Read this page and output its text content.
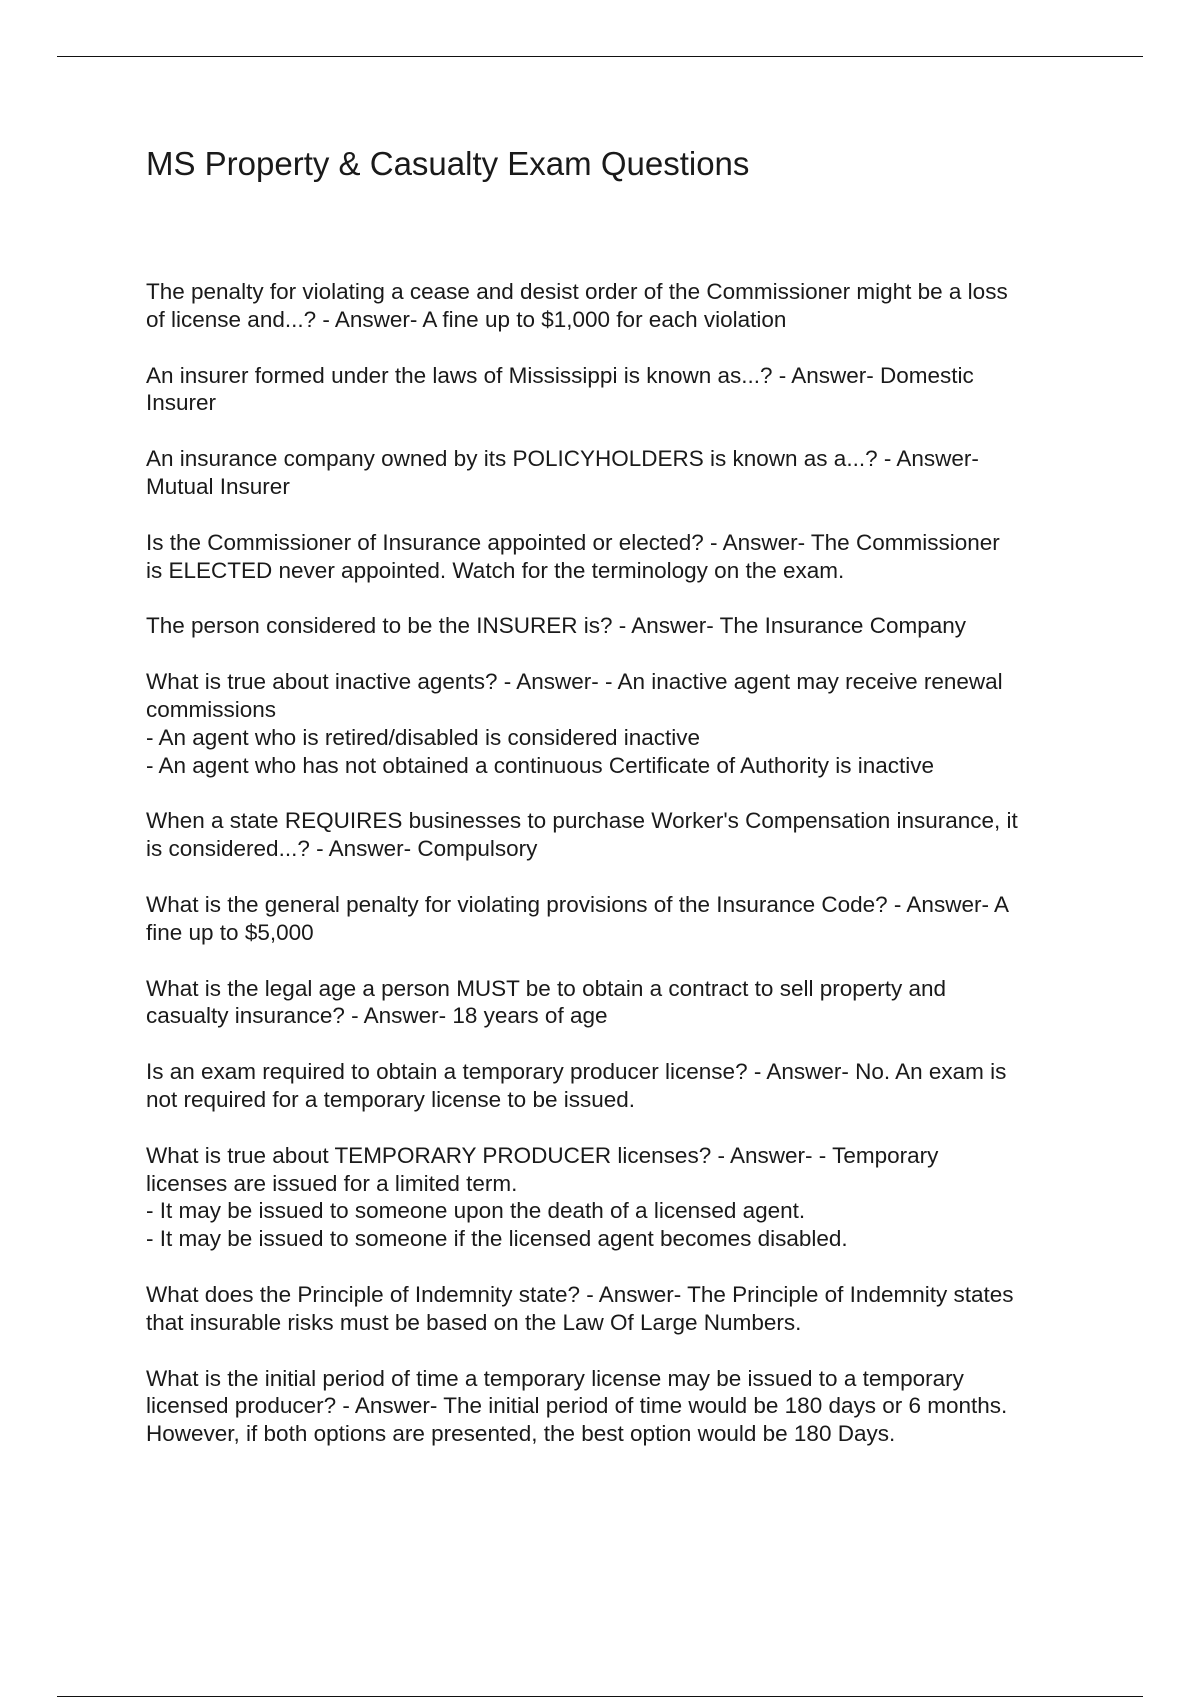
MS Property & Casualty Exam Questions

The penalty for violating a cease and desist order of the Commissioner might be a loss
of license and...? - Answer- A fine up to $1,000 for each violation

An insurer formed under the laws of Mississippi is known as...? - Answer- Domestic
Insurer

An insurance company owned by its POLICYHOLDERS is known as a...? - Answer-
Mutual Insurer

Is the Commissioner of Insurance appointed or elected? - Answer- The Commissioner
is ELECTED never appointed. Watch for the terminology on the exam.

The person considered to be the INSURER is? - Answer- The Insurance Company

What is true about inactive agents? - Answer- - An inactive agent may receive renewal
commissions
- An agent who is retired/disabled is considered inactive
- An agent who has not obtained a continuous Certificate of Authority is inactive

When a state REQUIRES businesses to purchase Worker's Compensation insurance, it
is considered...? - Answer- Compulsory

What is the general penalty for violating provisions of the Insurance Code? - Answer- A
fine up to $5,000

What is the legal age a person MUST be to obtain a contract to sell property and
casualty insurance? - Answer- 18 years of age

Is an exam required to obtain a temporary producer license? - Answer- No. An exam is
not required for a temporary license to be issued.

What is true about TEMPORARY PRODUCER licenses? - Answer- - Temporary
licenses are issued for a limited term.
- It may be issued to someone upon the death of a licensed agent.
- It may be issued to someone if the licensed agent becomes disabled.

What does the Principle of Indemnity state? - Answer- The Principle of Indemnity states
that insurable risks must be based on the Law Of Large Numbers.

What is the initial period of time a temporary license may be issued to a temporary
licensed producer? - Answer- The initial period of time would be 180 days or 6 months.
However, if both options are presented, the best option would be 180 Days.
